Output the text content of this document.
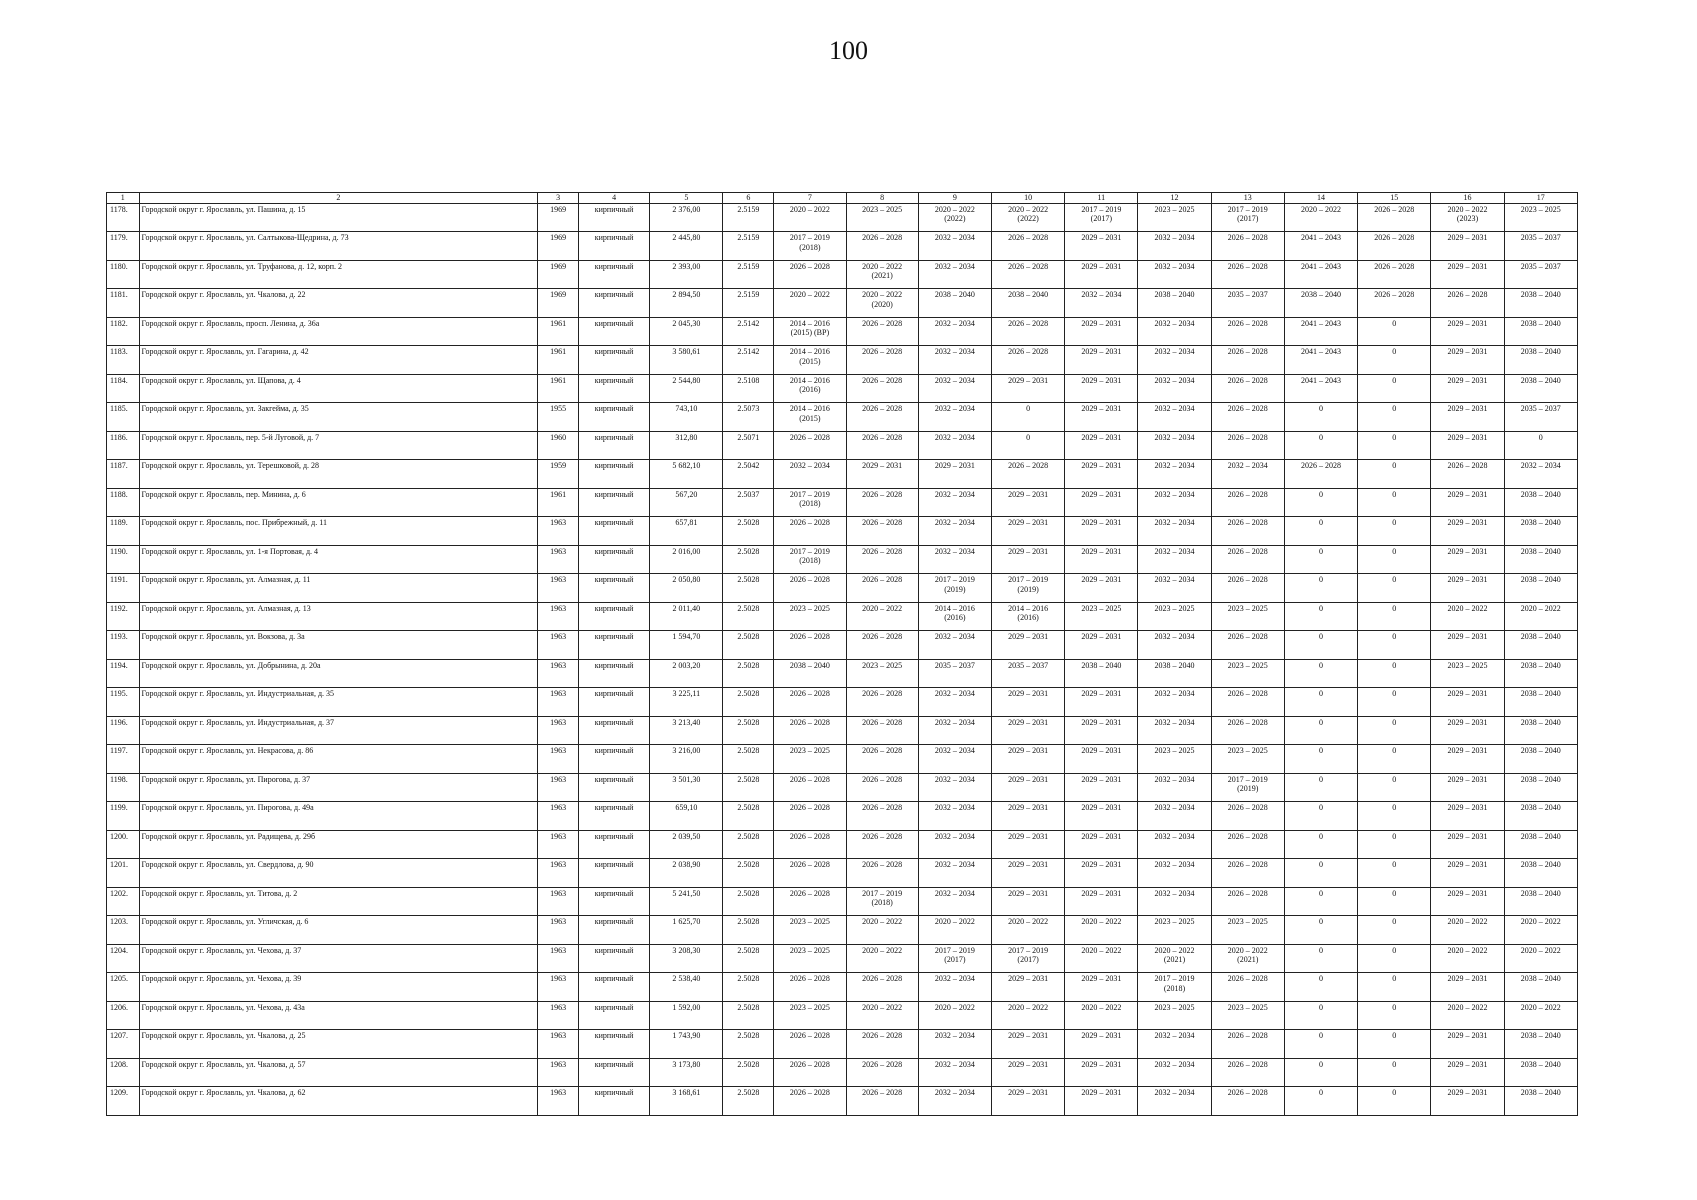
100
1	2	3	4	5	6	7	8	9	10	11	12	13	14	15	16	17
1178.	Городской округ г. Ярославль, ул. Пашина, д. 15	1969	кирпичный	2 376,00	2.5159	2020 – 2022	2023 – 2025	2020 – 2022
(2022)	2020 – 2022
(2022)	2017 – 2019
(2017)	2023 – 2025	2017 – 2019
(2017)	2020 – 2022	2026 – 2028	2020 – 2022
(2023)	2023 – 2025
1179.	Городской округ г. Ярославль, ул. Салтыкова-Щедрина, д. 73	1969	кирпичный	2 445,80	2.5159	2017 – 2019
(2018)	2026 – 2028	2032 – 2034	2026 – 2028	2029 – 2031	2032 – 2034	2026 – 2028	2041 – 2043	2026 – 2028	2029 – 2031	2035 – 2037
1180.	Городской округ г. Ярославль, ул. Труфанова, д. 12, корп. 2	1969	кирпичный	2 393,00	2.5159	2026 – 2028	2020 – 2022
(2021)	2032 – 2034	2026 – 2028	2029 – 2031	2032 – 2034	2026 – 2028	2041 – 2043	2026 – 2028	2029 – 2031	2035 – 2037
1181.	Городской округ г. Ярославль, ул. Чкалова, д. 22	1969	кирпичный	2 894,50	2.5159	2020 – 2022	2020 – 2022
(2020)	2038 – 2040	2038 – 2040	2032 – 2034	2038 – 2040	2035 – 2037	2038 – 2040	2026 – 2028	2026 – 2028	2038 – 2040
1182.	Городской округ г. Ярославль, просп. Ленина, д. 36а	1961	кирпичный	2 045,30	2.5142	2014 – 2016
(2015) (ВР)	2026 – 2028	2032 – 2034	2026 – 2028	2029 – 2031	2032 – 2034	2026 – 2028	2041 – 2043	0	2029 – 2031	2038 – 2040
1183.	Городской округ г. Ярославль, ул. Гагарина, д. 42	1961	кирпичный	3 580,61	2.5142	2014 – 2016
(2015)	2026 – 2028	2032 – 2034	2026 – 2028	2029 – 2031	2032 – 2034	2026 – 2028	2041 – 2043	0	2029 – 2031	2038 – 2040
1184.	Городской округ г. Ярославль, ул. Щапова, д. 4	1961	кирпичный	2 544,80	2.5108	2014 – 2016
(2016)	2026 – 2028	2032 – 2034	2029 – 2031	2029 – 2031	2032 – 2034	2026 – 2028	2041 – 2043	0	2029 – 2031	2038 – 2040
1185.	Городской округ г. Ярославль, ул. Закгейма, д. 35	1955	кирпичный	743,10	2.5073	2014 – 2016
(2015)	2026 – 2028	2032 – 2034	0	2029 – 2031	2032 – 2034	2026 – 2028	0	0	2029 – 2031	2035 – 2037
1186.	Городской округ г. Ярославль, пер. 5-й Луговой, д. 7	1960	кирпичный	312,80	2.5071	2026 – 2028	2026 – 2028	2032 – 2034	0	2029 – 2031	2032 – 2034	2026 – 2028	0	0	2029 – 2031	0
1187.	Городской округ г. Ярославль, ул. Терешковой, д. 28	1959	кирпичный	5 682,10	2.5042	2032 – 2034	2029 – 2031	2029 – 2031	2026 – 2028	2029 – 2031	2032 – 2034	2032 – 2034	2026 – 2028	0	2026 – 2028	2032 – 2034
1188.	Городской округ г. Ярославль, пер. Минина, д. 6	1961	кирпичный	567,20	2.5037	2017 – 2019
(2018)	2026 – 2028	2032 – 2034	2029 – 2031	2029 – 2031	2032 – 2034	2026 – 2028	0	0	2029 – 2031	2038 – 2040
1189.	Городской округ г. Ярославль, пос. Прибрежный, д. 11	1963	кирпичный	657,81	2.5028	2026 – 2028	2026 – 2028	2032 – 2034	2029 – 2031	2029 – 2031	2032 – 2034	2026 – 2028	0	0	2029 – 2031	2038 – 2040
1190.	Городской округ г. Ярославль, ул. 1-я Портовая, д. 4	1963	кирпичный	2 016,00	2.5028	2017 – 2019
(2018)	2026 – 2028	2032 – 2034	2029 – 2031	2029 – 2031	2032 – 2034	2026 – 2028	0	0	2029 – 2031	2038 – 2040
1191.	Городской округ г. Ярославль, ул. Алмазная, д. 11	1963	кирпичный	2 050,80	2.5028	2026 – 2028	2026 – 2028	2017 – 2019
(2019)	2017 – 2019
(2019)	2029 – 2031	2032 – 2034	2026 – 2028	0	0	2029 – 2031	2038 – 2040
1192.	Городской округ г. Ярославль, ул. Алмазная, д. 13	1963	кирпичный	2 011,40	2.5028	2023 – 2025	2020 – 2022	2014 – 2016
(2016)	2014 – 2016
(2016)	2023 – 2025	2023 – 2025	2023 – 2025	0	0	2020 – 2022	2020 – 2022
1193.	Городской округ г. Ярославль, ул. Вокзова, д. 3а	1963	кирпичный	1 594,70	2.5028	2026 – 2028	2026 – 2028	2032 – 2034	2029 – 2031	2029 – 2031	2032 – 2034	2026 – 2028	0	0	2029 – 2031	2038 – 2040
1194.	Городской округ г. Ярославль, ул. Добрынина, д. 20а	1963	кирпичный	2 003,20	2.5028	2038 – 2040	2023 – 2025	2035 – 2037	2035 – 2037	2038 – 2040	2038 – 2040	2023 – 2025	0	0	2023 – 2025	2038 – 2040
1195.	Городской округ г. Ярославль, ул. Индустриальная, д. 35	1963	кирпичный	3 225,11	2.5028	2026 – 2028	2026 – 2028	2032 – 2034	2029 – 2031	2029 – 2031	2032 – 2034	2026 – 2028	0	0	2029 – 2031	2038 – 2040
1196.	Городской округ г. Ярославль, ул. Индустриальная, д. 37	1963	кирпичный	3 213,40	2.5028	2026 – 2028	2026 – 2028	2032 – 2034	2029 – 2031	2029 – 2031	2032 – 2034	2026 – 2028	0	0	2029 – 2031	2038 – 2040
1197.	Городской округ г. Ярославль, ул. Некрасова, д. 86	1963	кирпичный	3 216,00	2.5028	2023 – 2025	2026 – 2028	2032 – 2034	2029 – 2031	2029 – 2031	2023 – 2025	2023 – 2025	0	0	2029 – 2031	2038 – 2040
1198.	Городской округ г. Ярославль, ул. Пирогова, д. 37	1963	кирпичный	3 501,30	2.5028	2026 – 2028	2026 – 2028	2032 – 2034	2029 – 2031	2029 – 2031	2032 – 2034	2017 – 2019
(2019)	0	0	2029 – 2031	2038 – 2040
1199.	Городской округ г. Ярославль, ул. Пирогова, д. 49а	1963	кирпичный	659,10	2.5028	2026 – 2028	2026 – 2028	2032 – 2034	2029 – 2031	2029 – 2031	2032 – 2034	2026 – 2028	0	0	2029 – 2031	2038 – 2040
1200.	Городской округ г. Ярославль, ул. Радищева, д. 29б	1963	кирпичный	2 039,50	2.5028	2026 – 2028	2026 – 2028	2032 – 2034	2029 – 2031	2029 – 2031	2032 – 2034	2026 – 2028	0	0	2029 – 2031	2038 – 2040
1201.	Городской округ г. Ярославль, ул. Свердлова, д. 90	1963	кирпичный	2 038,90	2.5028	2026 – 2028	2026 – 2028	2032 – 2034	2029 – 2031	2029 – 2031	2032 – 2034	2026 – 2028	0	0	2029 – 2031	2038 – 2040
1202.	Городской округ г. Ярославль, ул. Титова, д. 2	1963	кирпичный	5 241,50	2.5028	2026 – 2028	2017 – 2019
(2018)	2032 – 2034	2029 – 2031	2029 – 2031	2032 – 2034	2026 – 2028	0	0	2029 – 2031	2038 – 2040
1203.	Городской округ г. Ярославль, ул. Угличская, д. 6	1963	кирпичный	1 625,70	2.5028	2023 – 2025	2020 – 2022	2020 – 2022	2020 – 2022	2020 – 2022	2023 – 2025	2023 – 2025	0	0	2020 – 2022	2020 – 2022
1204.	Городской округ г. Ярославль, ул. Чехова, д. 37	1963	кирпичный	3 208,30	2.5028	2023 – 2025	2020 – 2022	2017 – 2019
(2017)	2017 – 2019
(2017)	2020 – 2022	2020 – 2022
(2021)	2020 – 2022
(2021)	0	0	2020 – 2022	2020 – 2022
1205.	Городской округ г. Ярославль, ул. Чехова, д. 39	1963	кирпичный	2 538,40	2.5028	2026 – 2028	2026 – 2028	2032 – 2034	2029 – 2031	2029 – 2031	2017 – 2019
(2018)	2026 – 2028	0	0	2029 – 2031	2038 – 2040
1206.	Городской округ г. Ярославль, ул. Чехова, д. 43а	1963	кирпичный	1 592,00	2.5028	2023 – 2025	2020 – 2022	2020 – 2022	2020 – 2022	2020 – 2022	2023 – 2025	2023 – 2025	0	0	2020 – 2022	2020 – 2022
1207.	Городской округ г. Ярославль, ул. Чкалова, д. 25	1963	кирпичный	1 743,90	2.5028	2026 – 2028	2026 – 2028	2032 – 2034	2029 – 2031	2029 – 2031	2032 – 2034	2026 – 2028	0	0	2029 – 2031	2038 – 2040
1208.	Городской округ г. Ярославль, ул. Чкалова, д. 57	1963	кирпичный	3 173,80	2.5028	2026 – 2028	2026 – 2028	2032 – 2034	2029 – 2031	2029 – 2031	2032 – 2034	2026 – 2028	0	0	2029 – 2031	2038 – 2040
1209.	Городской округ г. Ярославль, ул. Чкалова, д. 62	1963	кирпичный	3 168,61	2.5028	2026 – 2028	2026 – 2028	2032 – 2034	2029 – 2031	2029 – 2031	2032 – 2034	2026 – 2028	0	0	2029 – 2031	2038 – 2040
